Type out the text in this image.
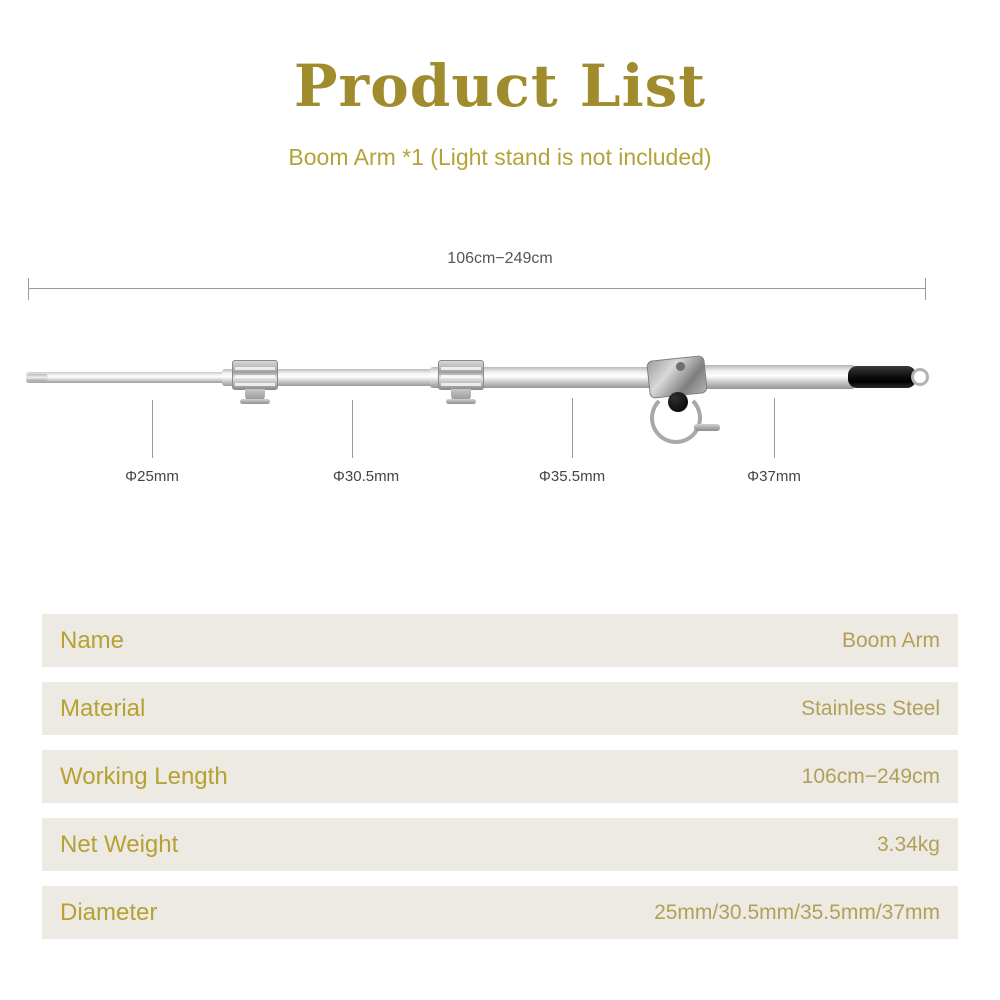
Product List
Boom Arm *1 (Light stand is not included)
106cm−249cm
Φ25mm	Φ30.5mm	Φ35.5mm	Φ37mm
Name	Boom Arm
Material	Stainless Steel
Working Length	106cm−249cm
Net Weight	3.34kg
Diameter	25mm/30.5mm/35.5mm/37mm
